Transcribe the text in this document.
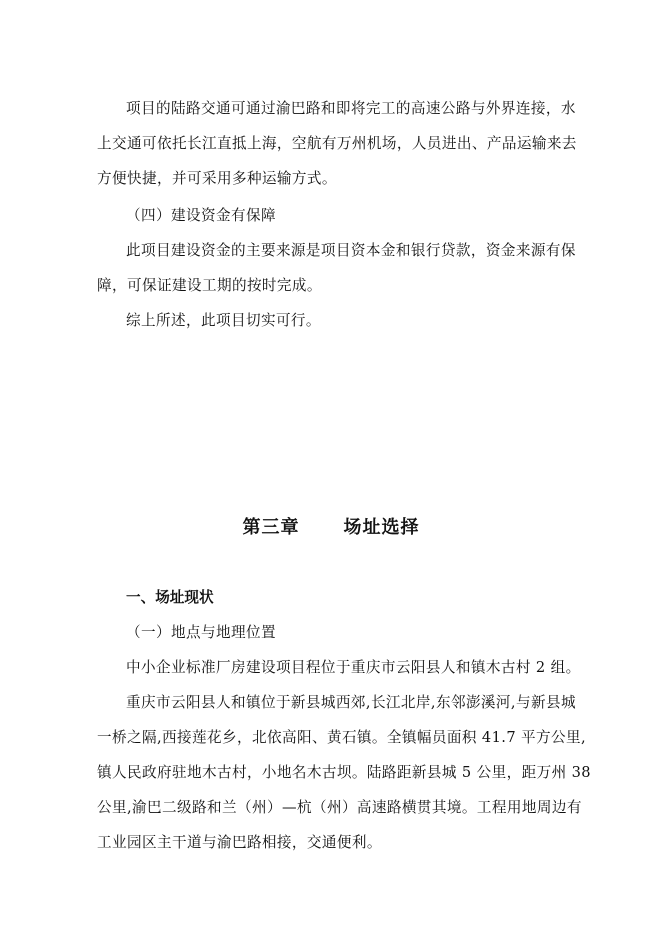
项目的陆路交通可通过渝巴路和即将完工的高速公路与外界连接，水
上交通可依托长江直抵上海，空航有万州机场，人员进出、产品运输来去
方便快捷，并可采用多种运输方式。
（四）建设资金有保障
此项目建设资金的主要来源是项目资本金和银行贷款，资金来源有保
障，可保证建设工期的按时完成。
综上所述，此项目切实可行。
第三章 场址选择
一、场址现状
（一）地点与地理位置
中小企业标准厂房建设项目程位于重庆市云阳县人和镇木古村 2 组。
重庆市云阳县人和镇位于新县城西郊,长江北岸,东邻澎溪河,与新县城
一桥之隔,西接莲花乡，北依高阳、黄石镇。全镇幅员面积 41.7 平方公里,
镇人民政府驻地木古村，小地名木古坝。陆路距新县城 5 公里，距万州 38
公里,渝巴二级路和兰（州）—杭（州）高速路横贯其境。工程用地周边有
工业园区主干道与渝巴路相接，交通便利。
